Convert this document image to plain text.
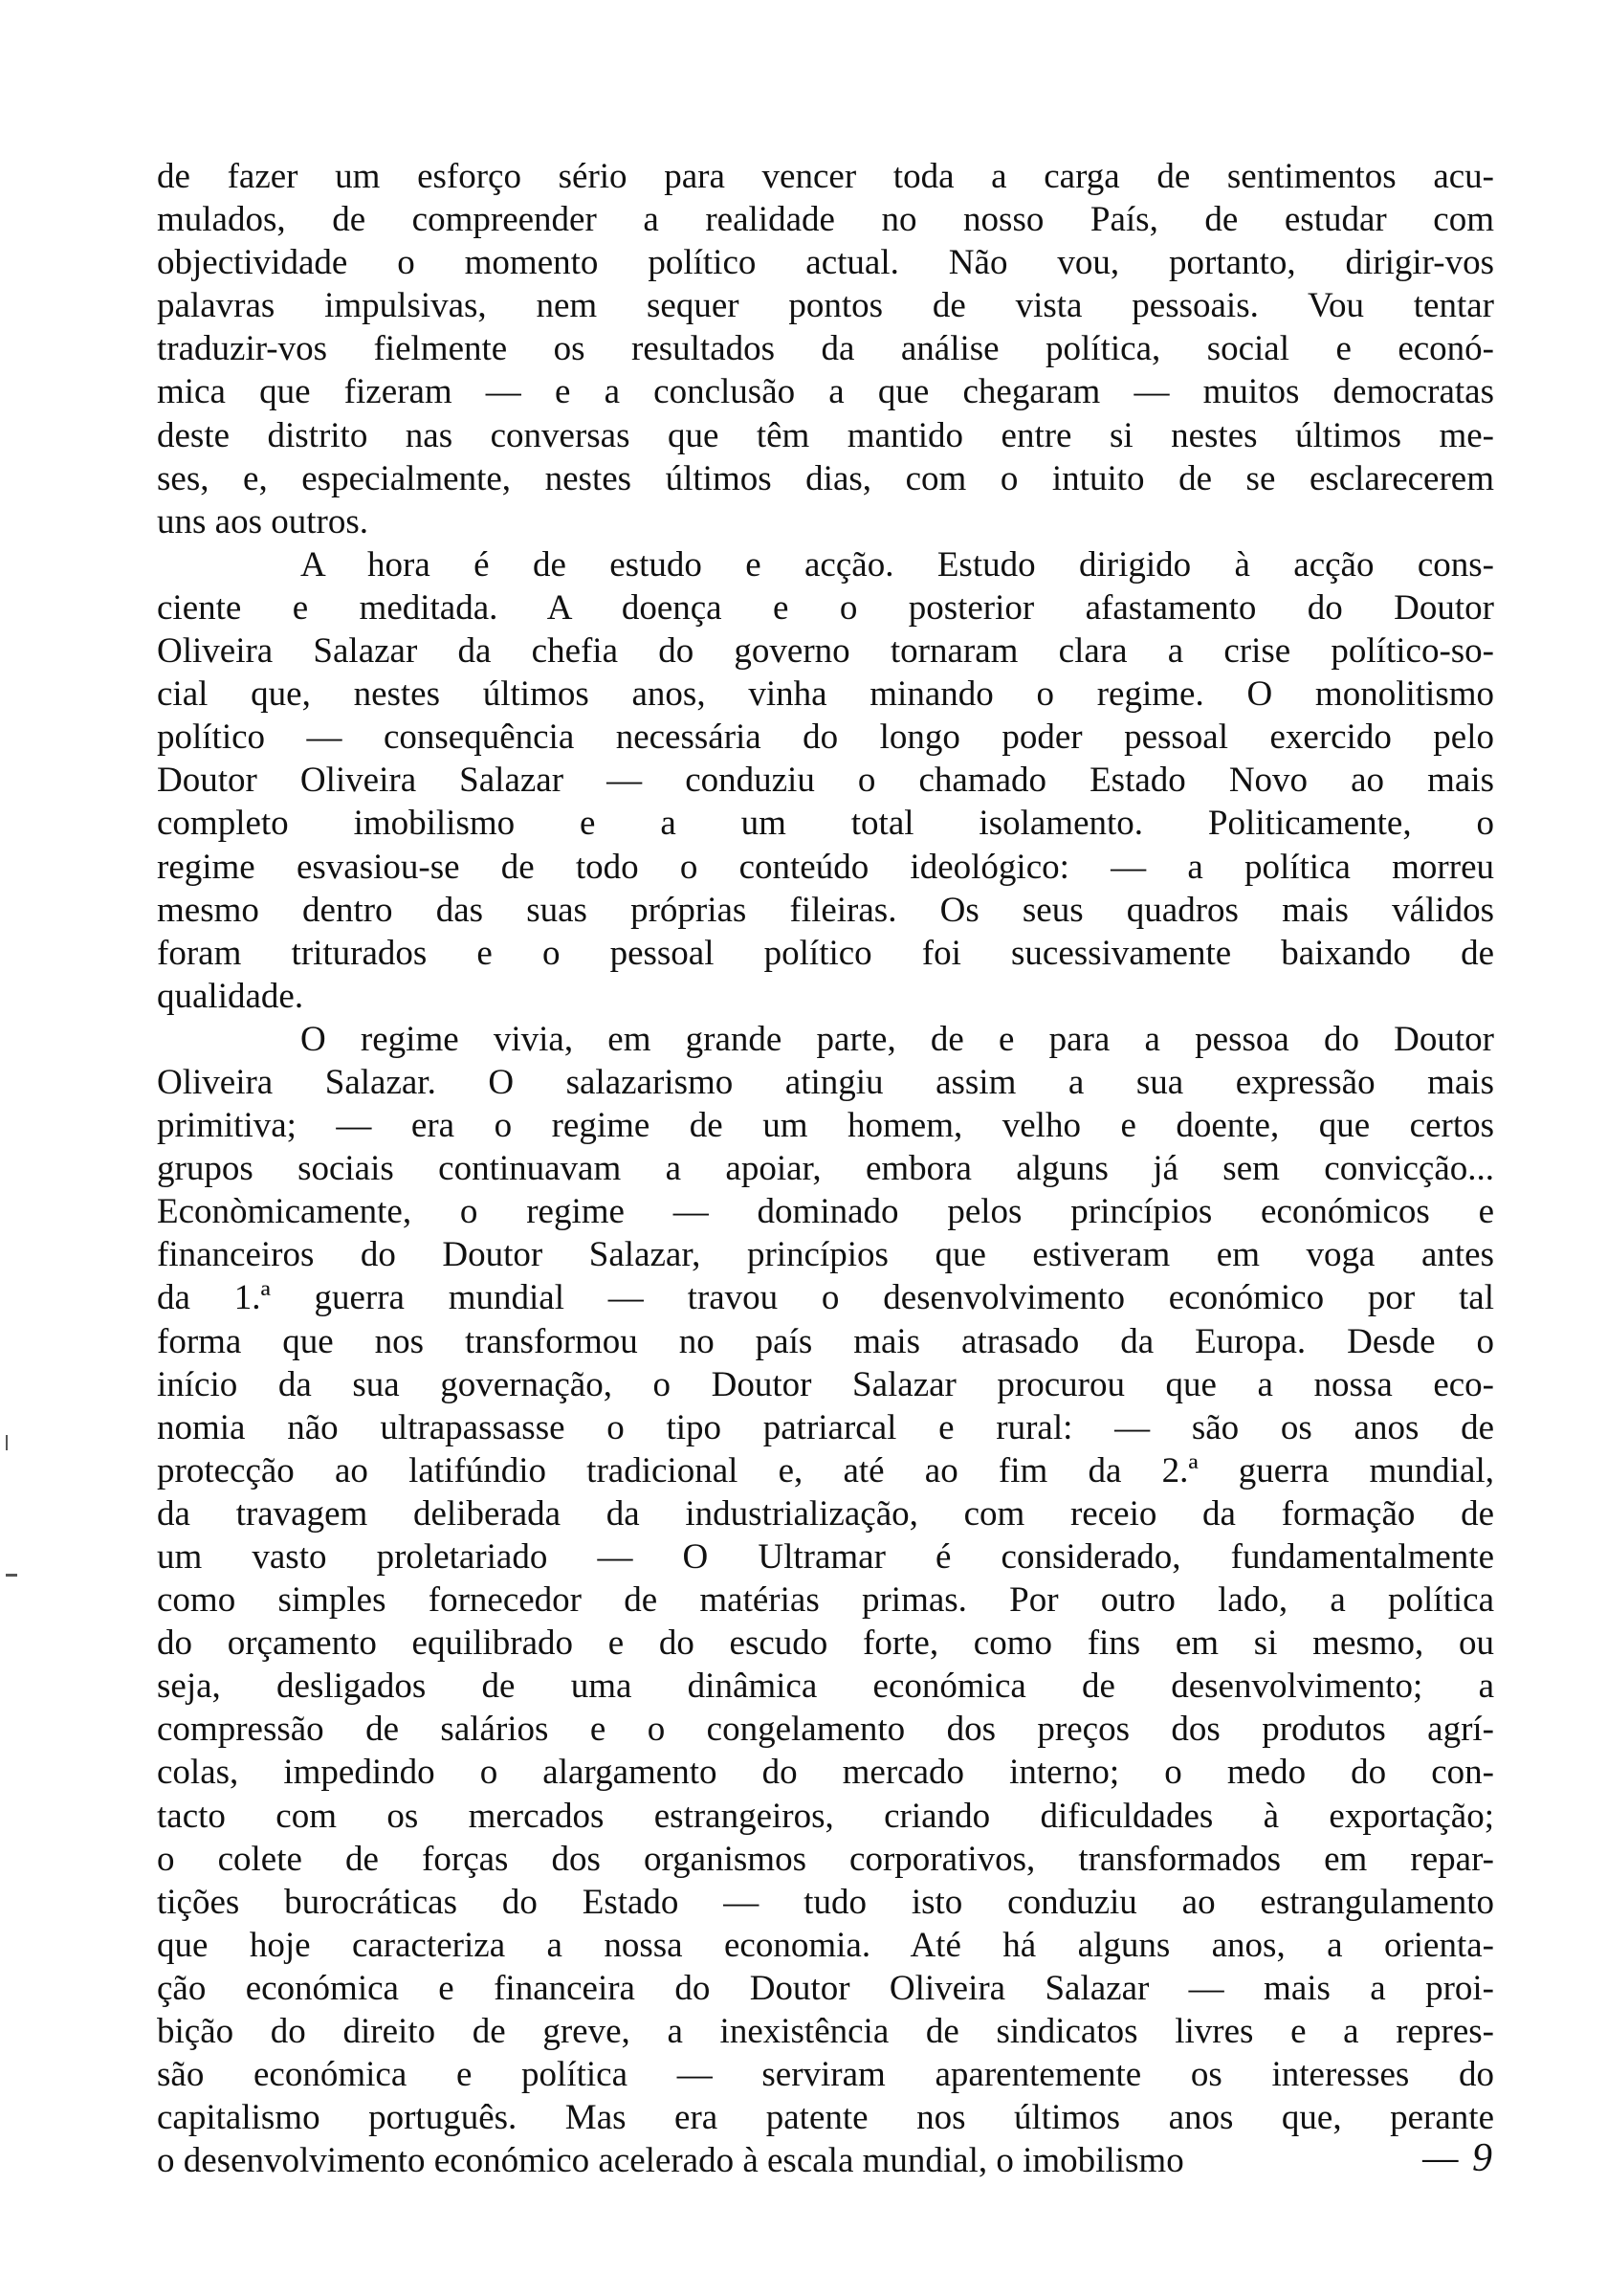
de fazer um esforço sério para vencer toda a carga de sentimentos acu-
mulados, de compreender a realidade no nosso País, de estudar com
objectividade o momento político actual. Não vou, portanto, dirigir-vos
palavras impulsivas, nem sequer pontos de vista pessoais. Vou tentar
traduzir-vos fielmente os resultados da análise política, social e econó-
mica que fizeram — e a conclusão a que chegaram — muitos democratas
deste distrito nas conversas que têm mantido entre si nestes últimos me-
ses, e, especialmente, nestes últimos dias, com o intuito de se esclarecerem
uns aos outros.
A hora é de estudo e acção. Estudo dirigido à acção cons-
ciente e meditada. A doença e o posterior afastamento do Doutor
Oliveira Salazar da chefia do governo tornaram clara a crise político-so-
cial que, nestes últimos anos, vinha minando o regime. O monolitismo
político — consequência necessária do longo poder pessoal exercido pelo
Doutor Oliveira Salazar — conduziu o chamado Estado Novo ao mais
completo imobilismo e a um total isolamento. Politicamente, o
regime esvasiou-se de todo o conteúdo ideológico: — a política morreu
mesmo dentro das suas próprias fileiras. Os seus quadros mais válidos
foram triturados e o pessoal político foi sucessivamente baixando de
qualidade.
O regime vivia, em grande parte, de e para a pessoa do Doutor
Oliveira Salazar. O salazarismo atingiu assim a sua expressão mais
primitiva; — era o regime de um homem, velho e doente, que certos
grupos sociais continuavam a apoiar, embora alguns já sem convicção...
Econòmicamente, o regime — dominado pelos princípios económicos e
financeiros do Doutor Salazar, princípios que estiveram em voga antes
da 1.ª guerra mundial — travou o desenvolvimento económico por tal
forma que nos transformou no país mais atrasado da Europa. Desde o
início da sua governação, o Doutor Salazar procurou que a nossa eco-
nomia não ultrapassasse o tipo patriarcal e rural: — são os anos de
protecção ao latifúndio tradicional e, até ao fim da 2.ª guerra mundial,
da travagem deliberada da industrialização, com receio da formação de
um vasto proletariado — O Ultramar é considerado, fundamentalmente
como simples fornecedor de matérias primas. Por outro lado, a política
do orçamento equilibrado e do escudo forte, como fins em si mesmo, ou
seja, desligados de uma dinâmica económica de desenvolvimento; a
compressão de salários e o congelamento dos preços dos produtos agrí-
colas, impedindo o alargamento do mercado interno; o medo do con-
tacto com os mercados estrangeiros, criando dificuldades à exportação;
o colete de forças dos organismos corporativos, transformados em repar-
tições burocráticas do Estado — tudo isto conduziu ao estrangulamento
que hoje caracteriza a nossa economia. Até há alguns anos, a orienta-
ção económica e financeira do Doutor Oliveira Salazar — mais a proi-
bição do direito de greve, a inexistência de sindicatos livres e a repres-
são económica e política — serviram aparentemente os interesses do
capitalismo português. Mas era patente nos últimos anos que, perante
o desenvolvimento económico acelerado à escala mundial, o imobilismo	— 9
